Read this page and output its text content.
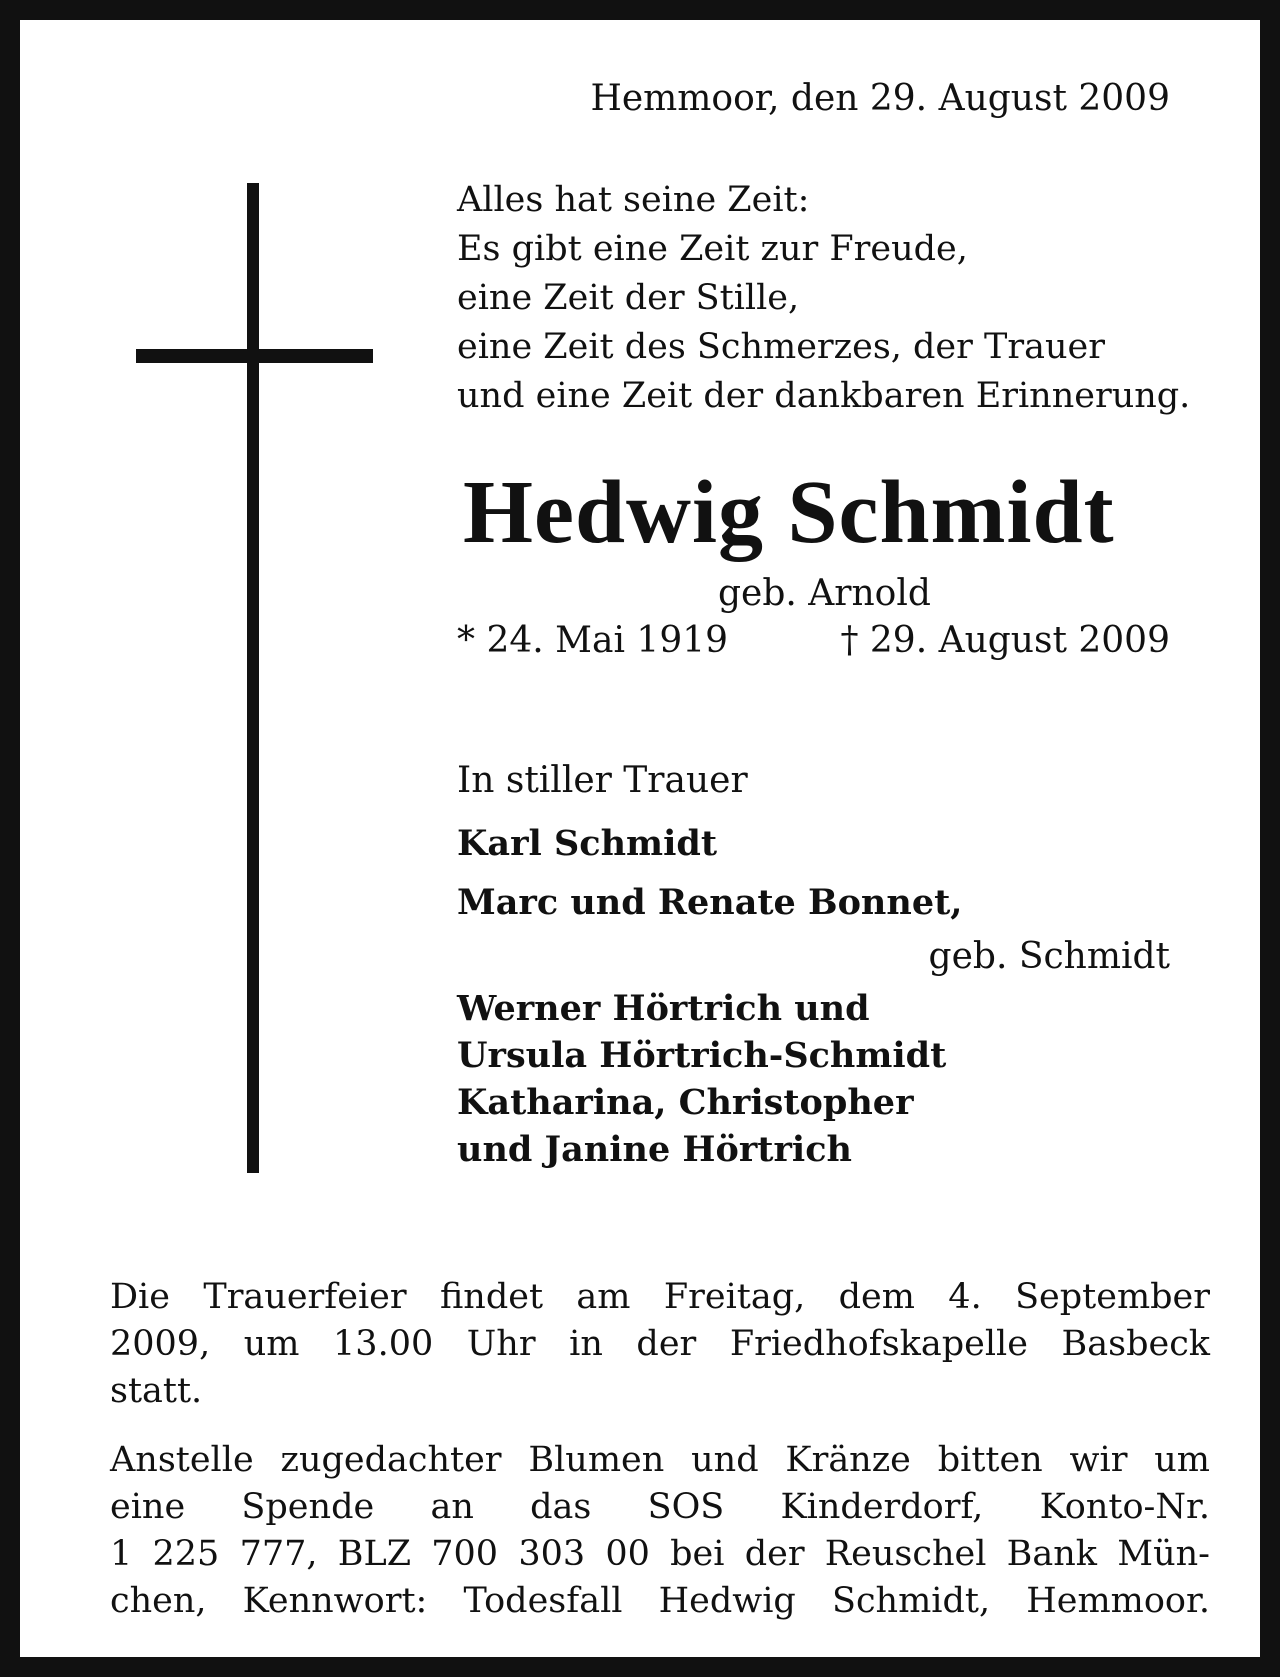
Hemmoor, den 29. August 2009
Alles hat seine Zeit:
Es gibt eine Zeit zur Freude,
eine Zeit der Stille,
eine Zeit des Schmerzes, der Trauer
und eine Zeit der dankbaren Erinnerung.
Hedwig Schmidt
geb. Arnold
* 24. Mai 1919	† 29. August 2009
In stiller Trauer
Karl Schmidt
Marc und Renate Bonnet,
geb. Schmidt
Werner Hörtrich und
Ursula Hörtrich-Schmidt
Katharina, Christopher
und Janine Hörtrich
Die Trauerfeier findet am Freitag, dem 4. September
2009, um 13.00 Uhr in der Friedhofskapelle Basbeck
statt.
Anstelle zugedachter Blumen und Kränze bitten wir um
eine Spende an das SOS Kinderdorf, Konto-Nr.
1 225 777, BLZ 700 303 00 bei der Reuschel Bank Mün-
chen, Kennwort: Todesfall Hedwig Schmidt, Hemmoor.
